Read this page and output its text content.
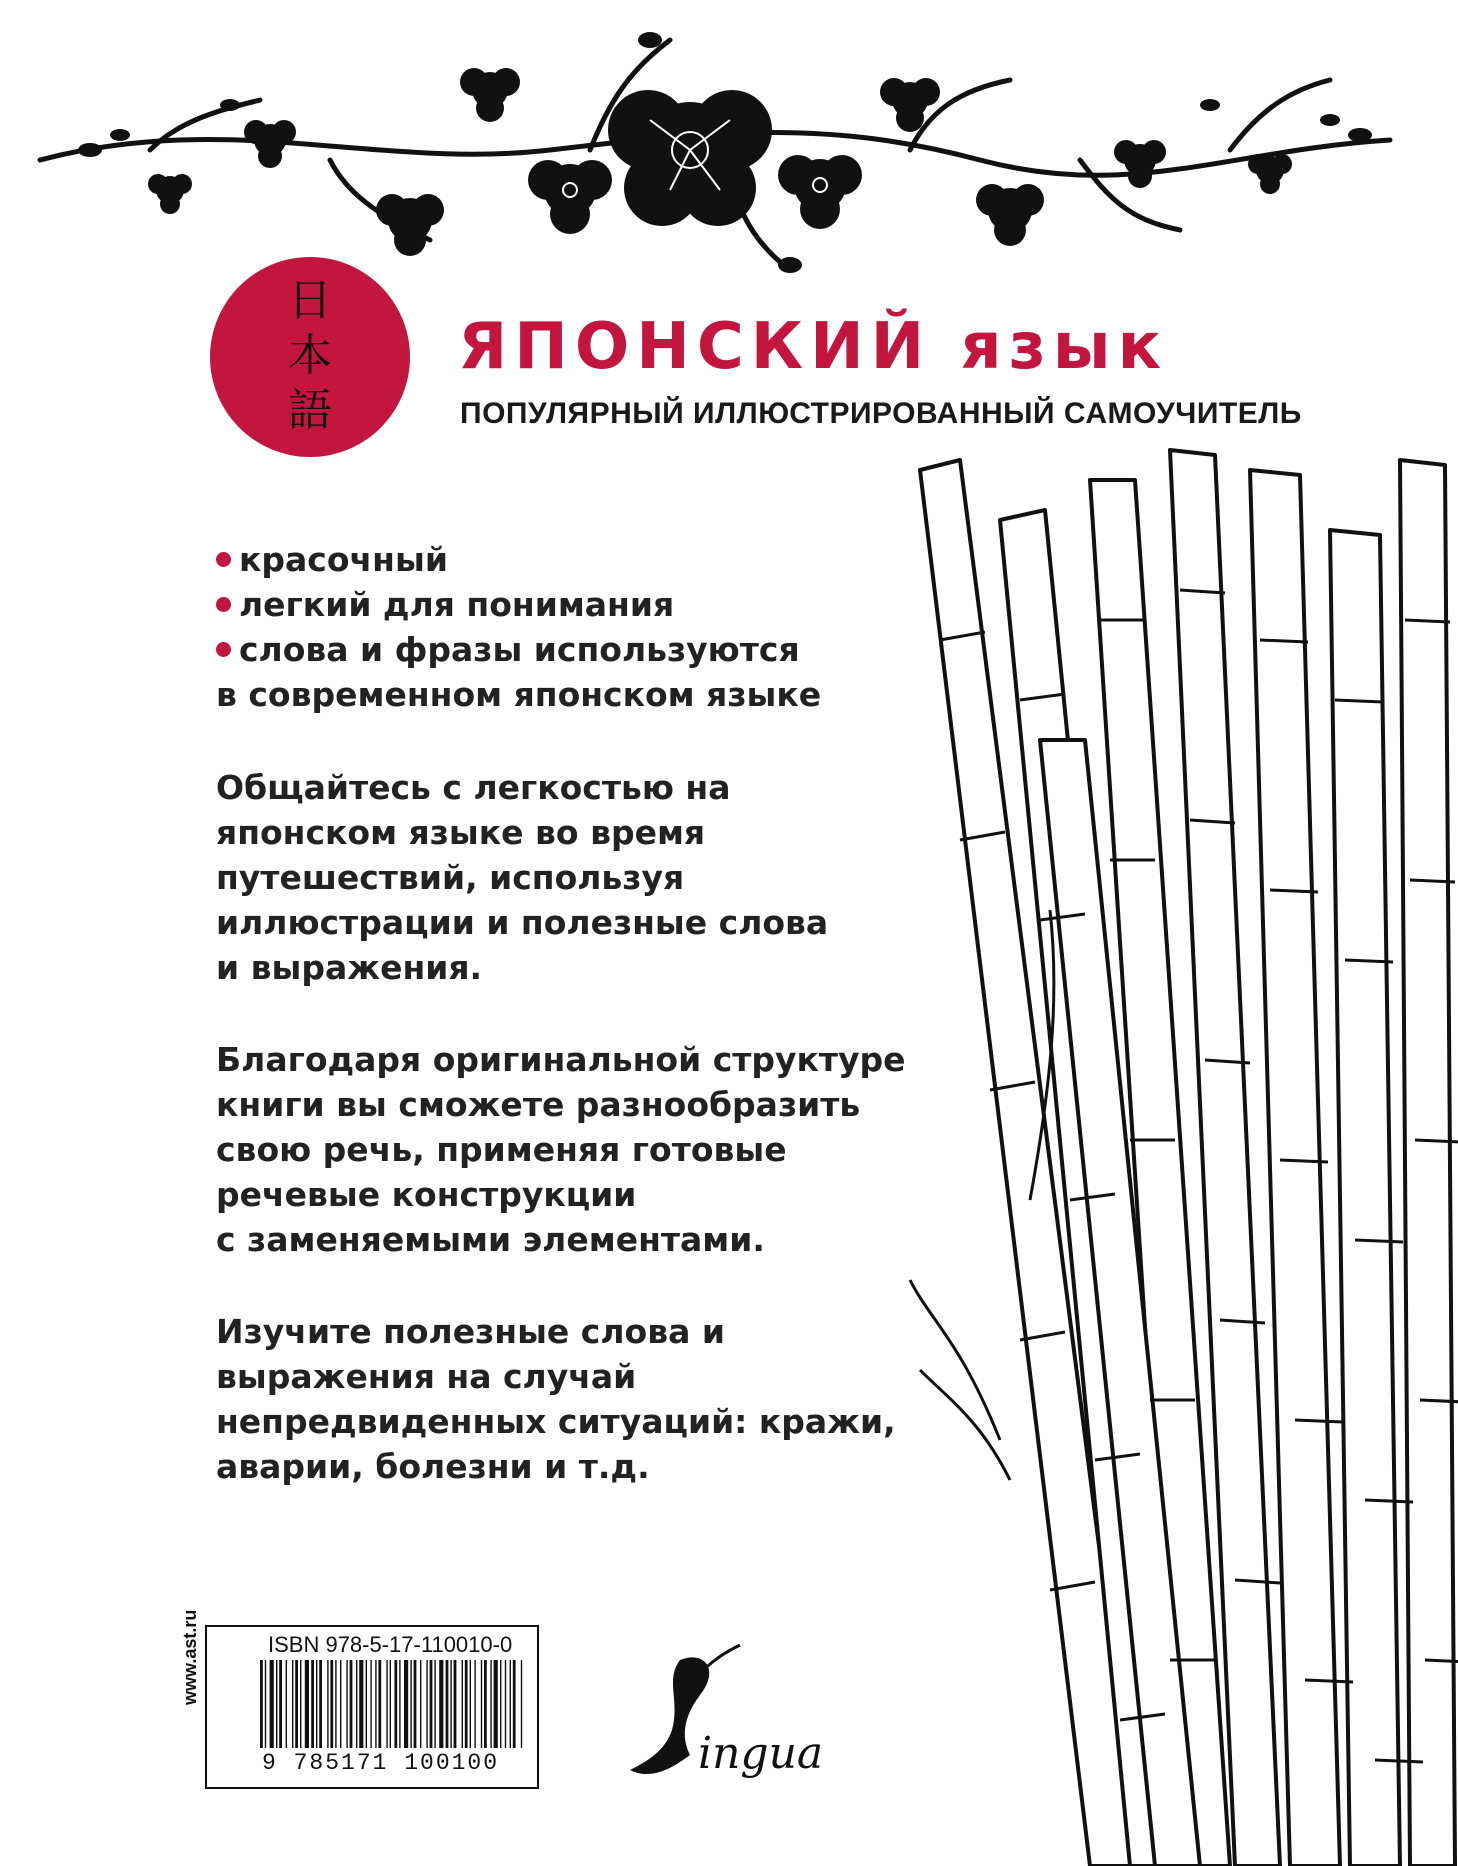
日
本
語
ЯПОНСКИЙ язык
ПОПУЛЯРНЫЙ ИЛЛЮСТРИРОВАННЫЙ САМОУЧИТЕЛЬ
красочный
легкий для понимания
слова и фразы используются
в современном японском языке
Общайтесь с легкостью на
японском языке во время
путешествий, используя
иллюстрации и полезные слова
и выражения.
Благодаря оригинальной структуре
книги вы сможете разнообразить
свою речь, применяя готовые
речевые конструкции
с заменяемыми элементами.
Изучите полезные слова и
выражения на случай
непредвиденных ситуаций: кражи,
аварии, болезни и т.д.
www.ast.ru	ISBN 978-5-17-110010-0
9 785171 100100	ingua
